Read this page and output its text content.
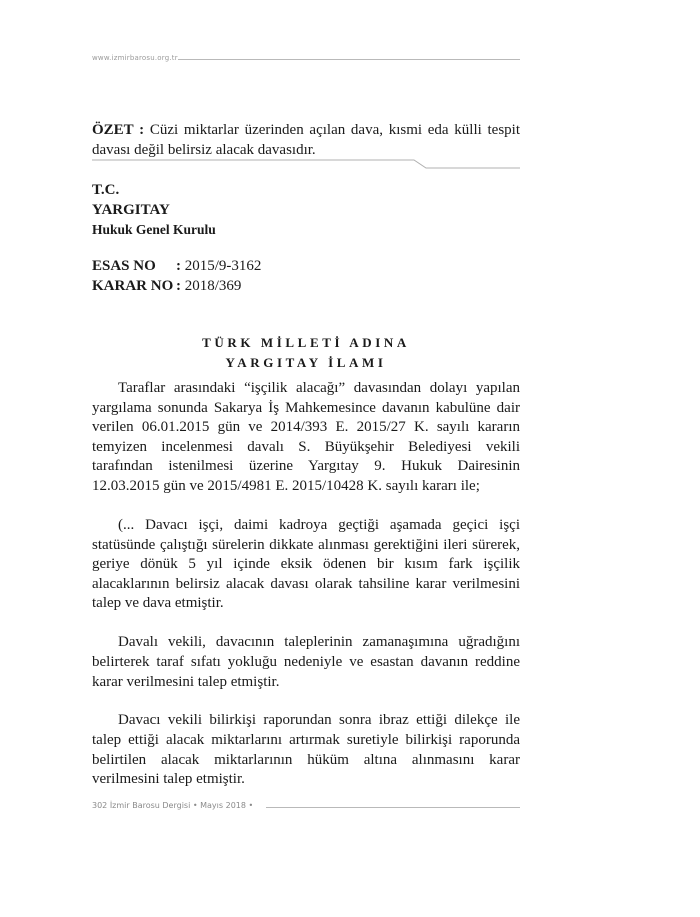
www.izmirbarosu.org.tr
ÖZET : Cüzi miktarlar üzerinden açılan dava, kısmi eda külli tespit davası değil belirsiz alacak davasıdır.
T.C.
YARGITAY
Hukuk Genel Kurulu
ESAS NO : 2015/9-3162
KARAR NO : 2018/369
TÜRK MİLLETİ ADINA
YARGITAY İLAMI

Taraflar arasındaki “işçilik alacağı” davasından dolayı yapılan yargılama sonunda Sakarya İş Mahkemesince davanın kabulüne dair verilen 06.01.2015 gün ve 2014/393 E. 2015/27 K. sayılı kararın temyizen incelenmesi davalı S. Büyükşehir Belediyesi vekili tarafından istenilmesi üzerine Yargıtay 9. Hukuk Dairesinin 12.03.2015 gün ve 2015/4981 E. 2015/10428 K. sayılı kararı ile;

(... Davacı işçi, daimi kadroya geçtiği aşamada geçici işçi statüsünde çalıştığı sürelerin dikkate alınması gerektiğini ileri sürerek, geriye dönük 5 yıl içinde eksik ödenen bir kısım fark işçilik alacaklarının belirsiz alacak davası olarak tahsiline karar verilmesini talep ve dava etmiştir.

Davalı vekili, davacının taleplerinin zamanaşımına uğradığını belirterek taraf sıfatı yokluğu nedeniyle ve esastan davanın reddine karar verilmesini talep etmiştir.

Davacı vekili bilirkişi raporundan sonra ibraz ettiği dilekçe ile talep ettiği alacak miktarlarını artırmak suretiyle bilirkişi raporunda belirtilen alacak miktarlarının hüküm altına alınmasını karar verilmesini talep etmiştir.

302 İzmir Barosu Dergisi • Mayıs 2018 •
